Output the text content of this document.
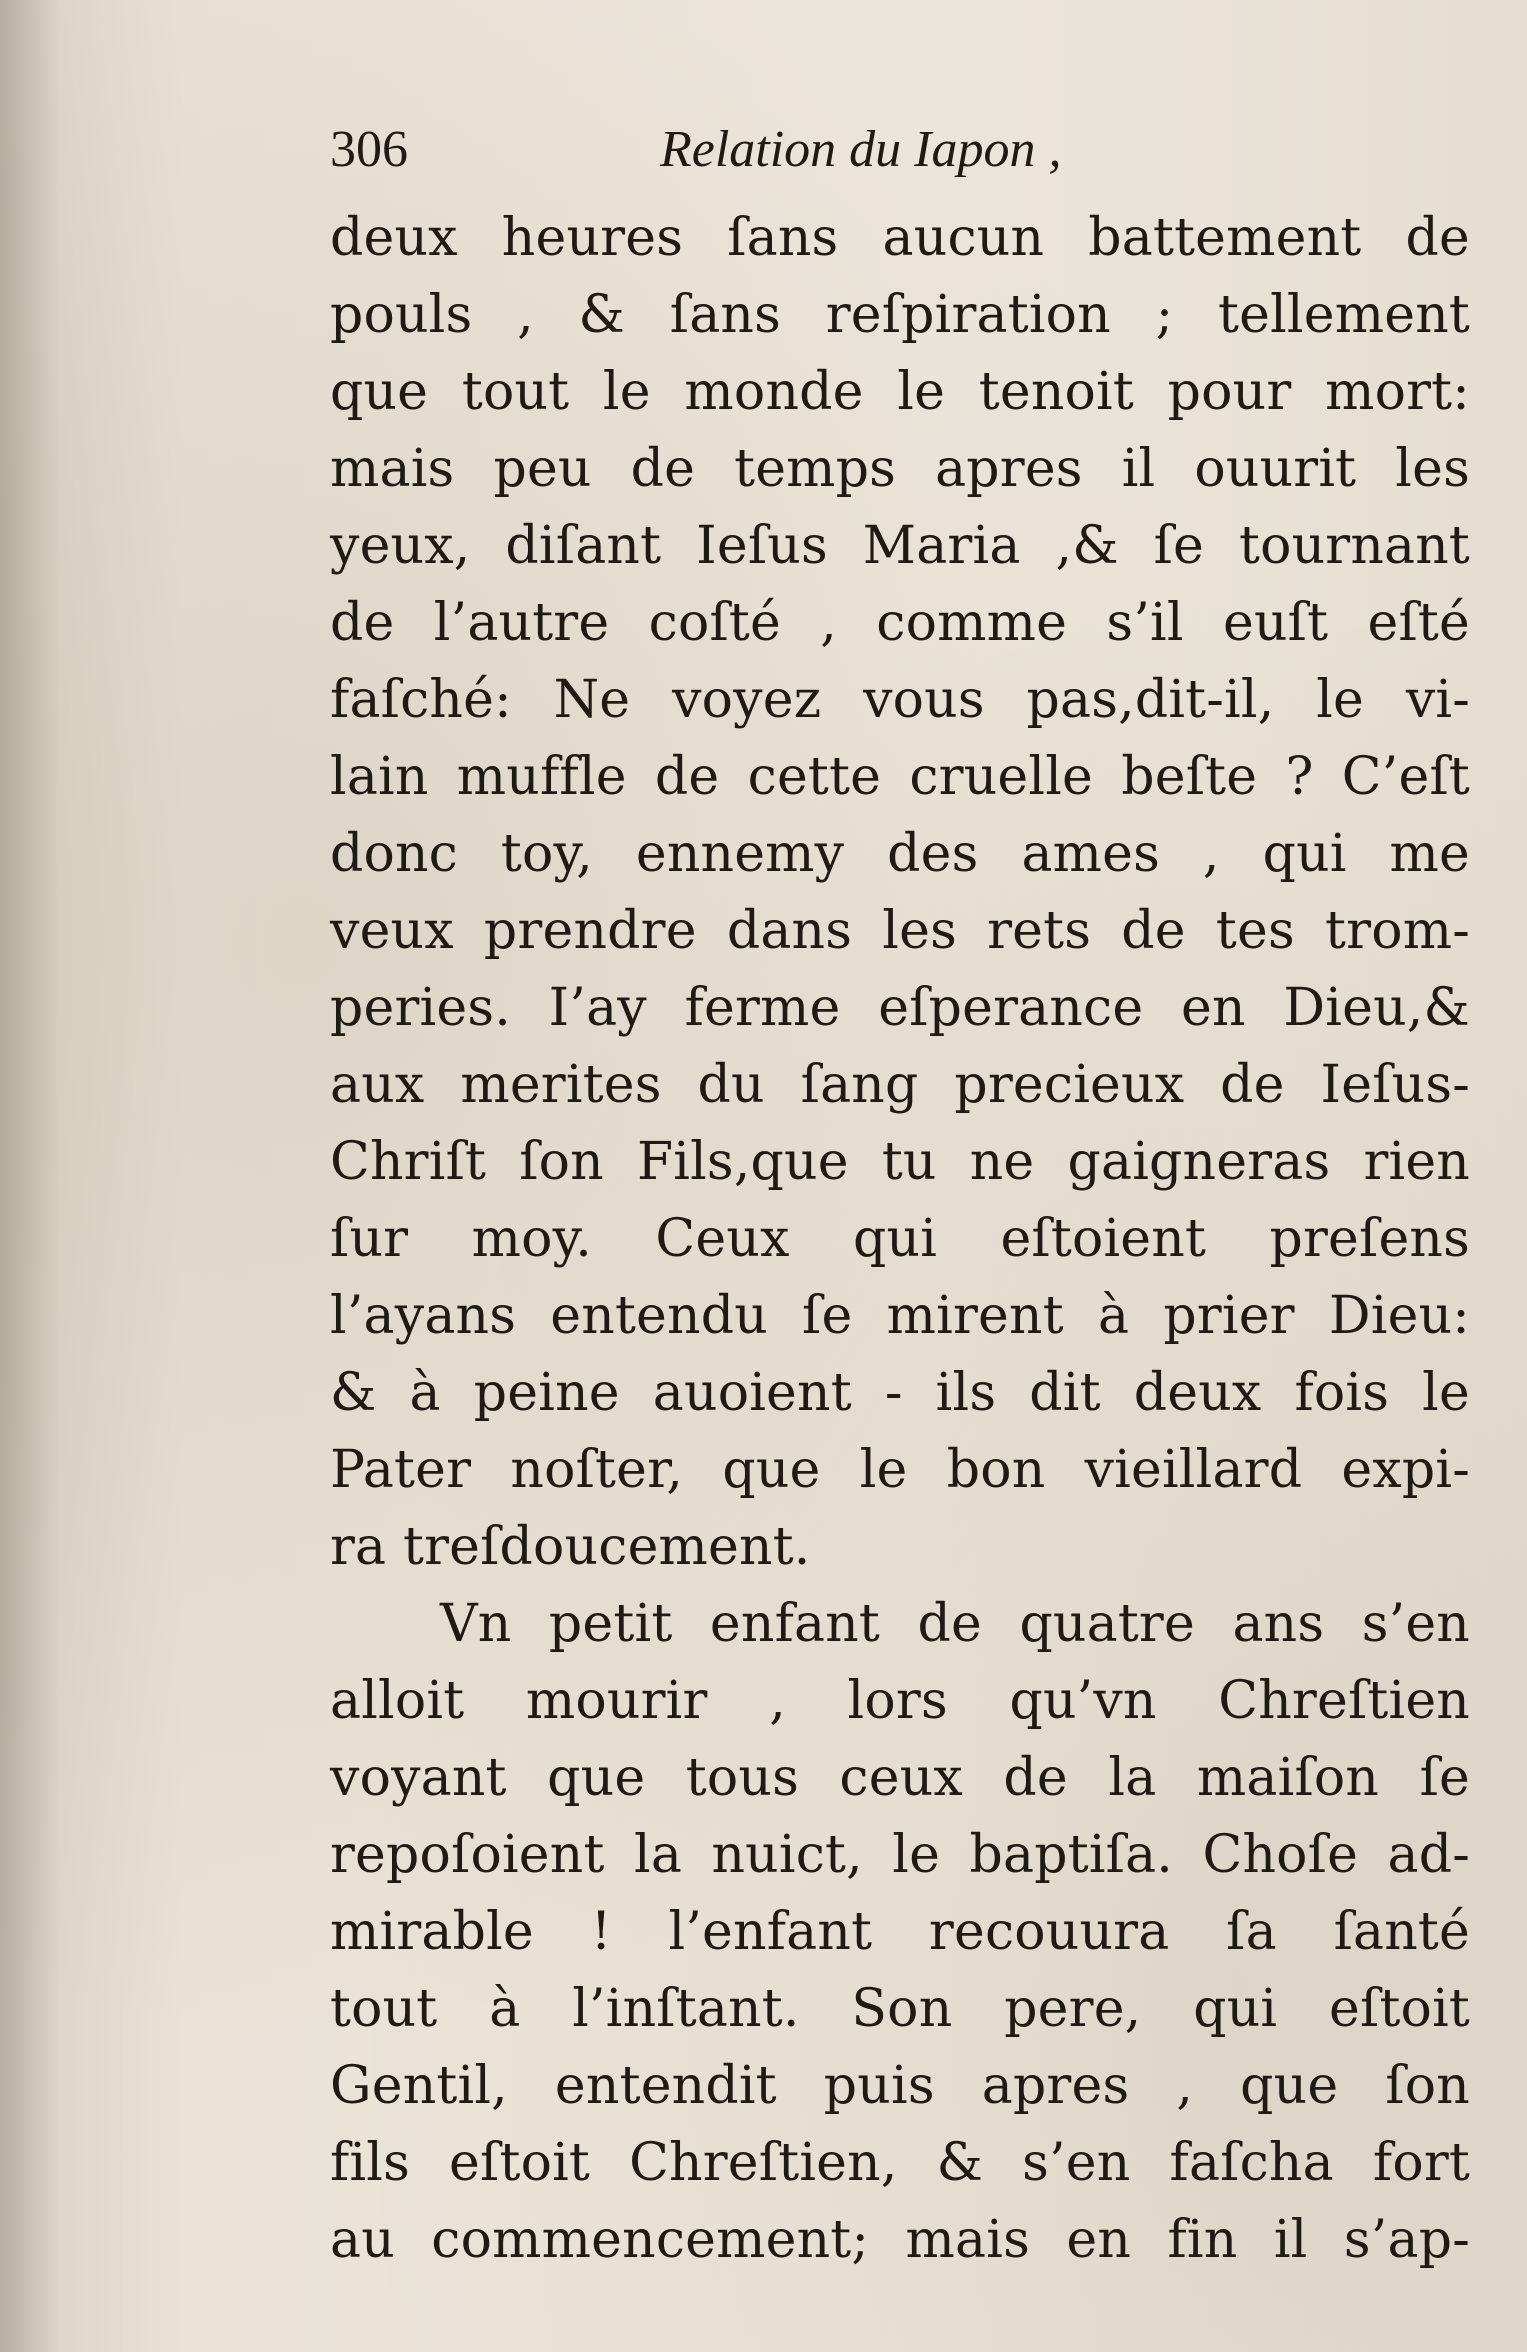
306	Relation du Iapon ,
deux heures ſans aucun battement de
pouls , & ſans reſpiration ; tellement
que tout le monde le tenoit pour mort:
mais peu de temps apres il ouurit les
yeux, diſant Ieſus Maria ,& ſe tournant
de l’autre coſté , comme s’il euſt eſté
faſché: Ne voyez vous pas,dit-il, le vi-
lain muffle de cette cruelle beſte ? C’eſt
donc toy, ennemy des ames , qui me
veux prendre dans les rets de tes trom-
peries. I’ay ferme eſperance en Dieu,&
aux merites du ſang precieux de Ieſus-
Chriſt ſon Fils,que tu ne gaigneras rien
ſur moy. Ceux qui eſtoient preſens
l’ayans entendu ſe mirent à prier Dieu:
& à peine auoient - ils dit deux fois le
Pater noſter, que le bon vieillard expi-
ra treſdoucement.
Vn petit enfant de quatre ans s’en
alloit mourir , lors qu’vn Chreſtien
voyant que tous ceux de la maiſon ſe
repoſoient la nuict, le baptiſa. Choſe ad-
mirable ! l’enfant recouura ſa ſanté
tout à l’inſtant. Son pere, qui eſtoit
Gentil, entendit puis apres , que ſon
fils eſtoit Chreſtien, & s’en faſcha fort
au commencement; mais en fin il s’ap-
